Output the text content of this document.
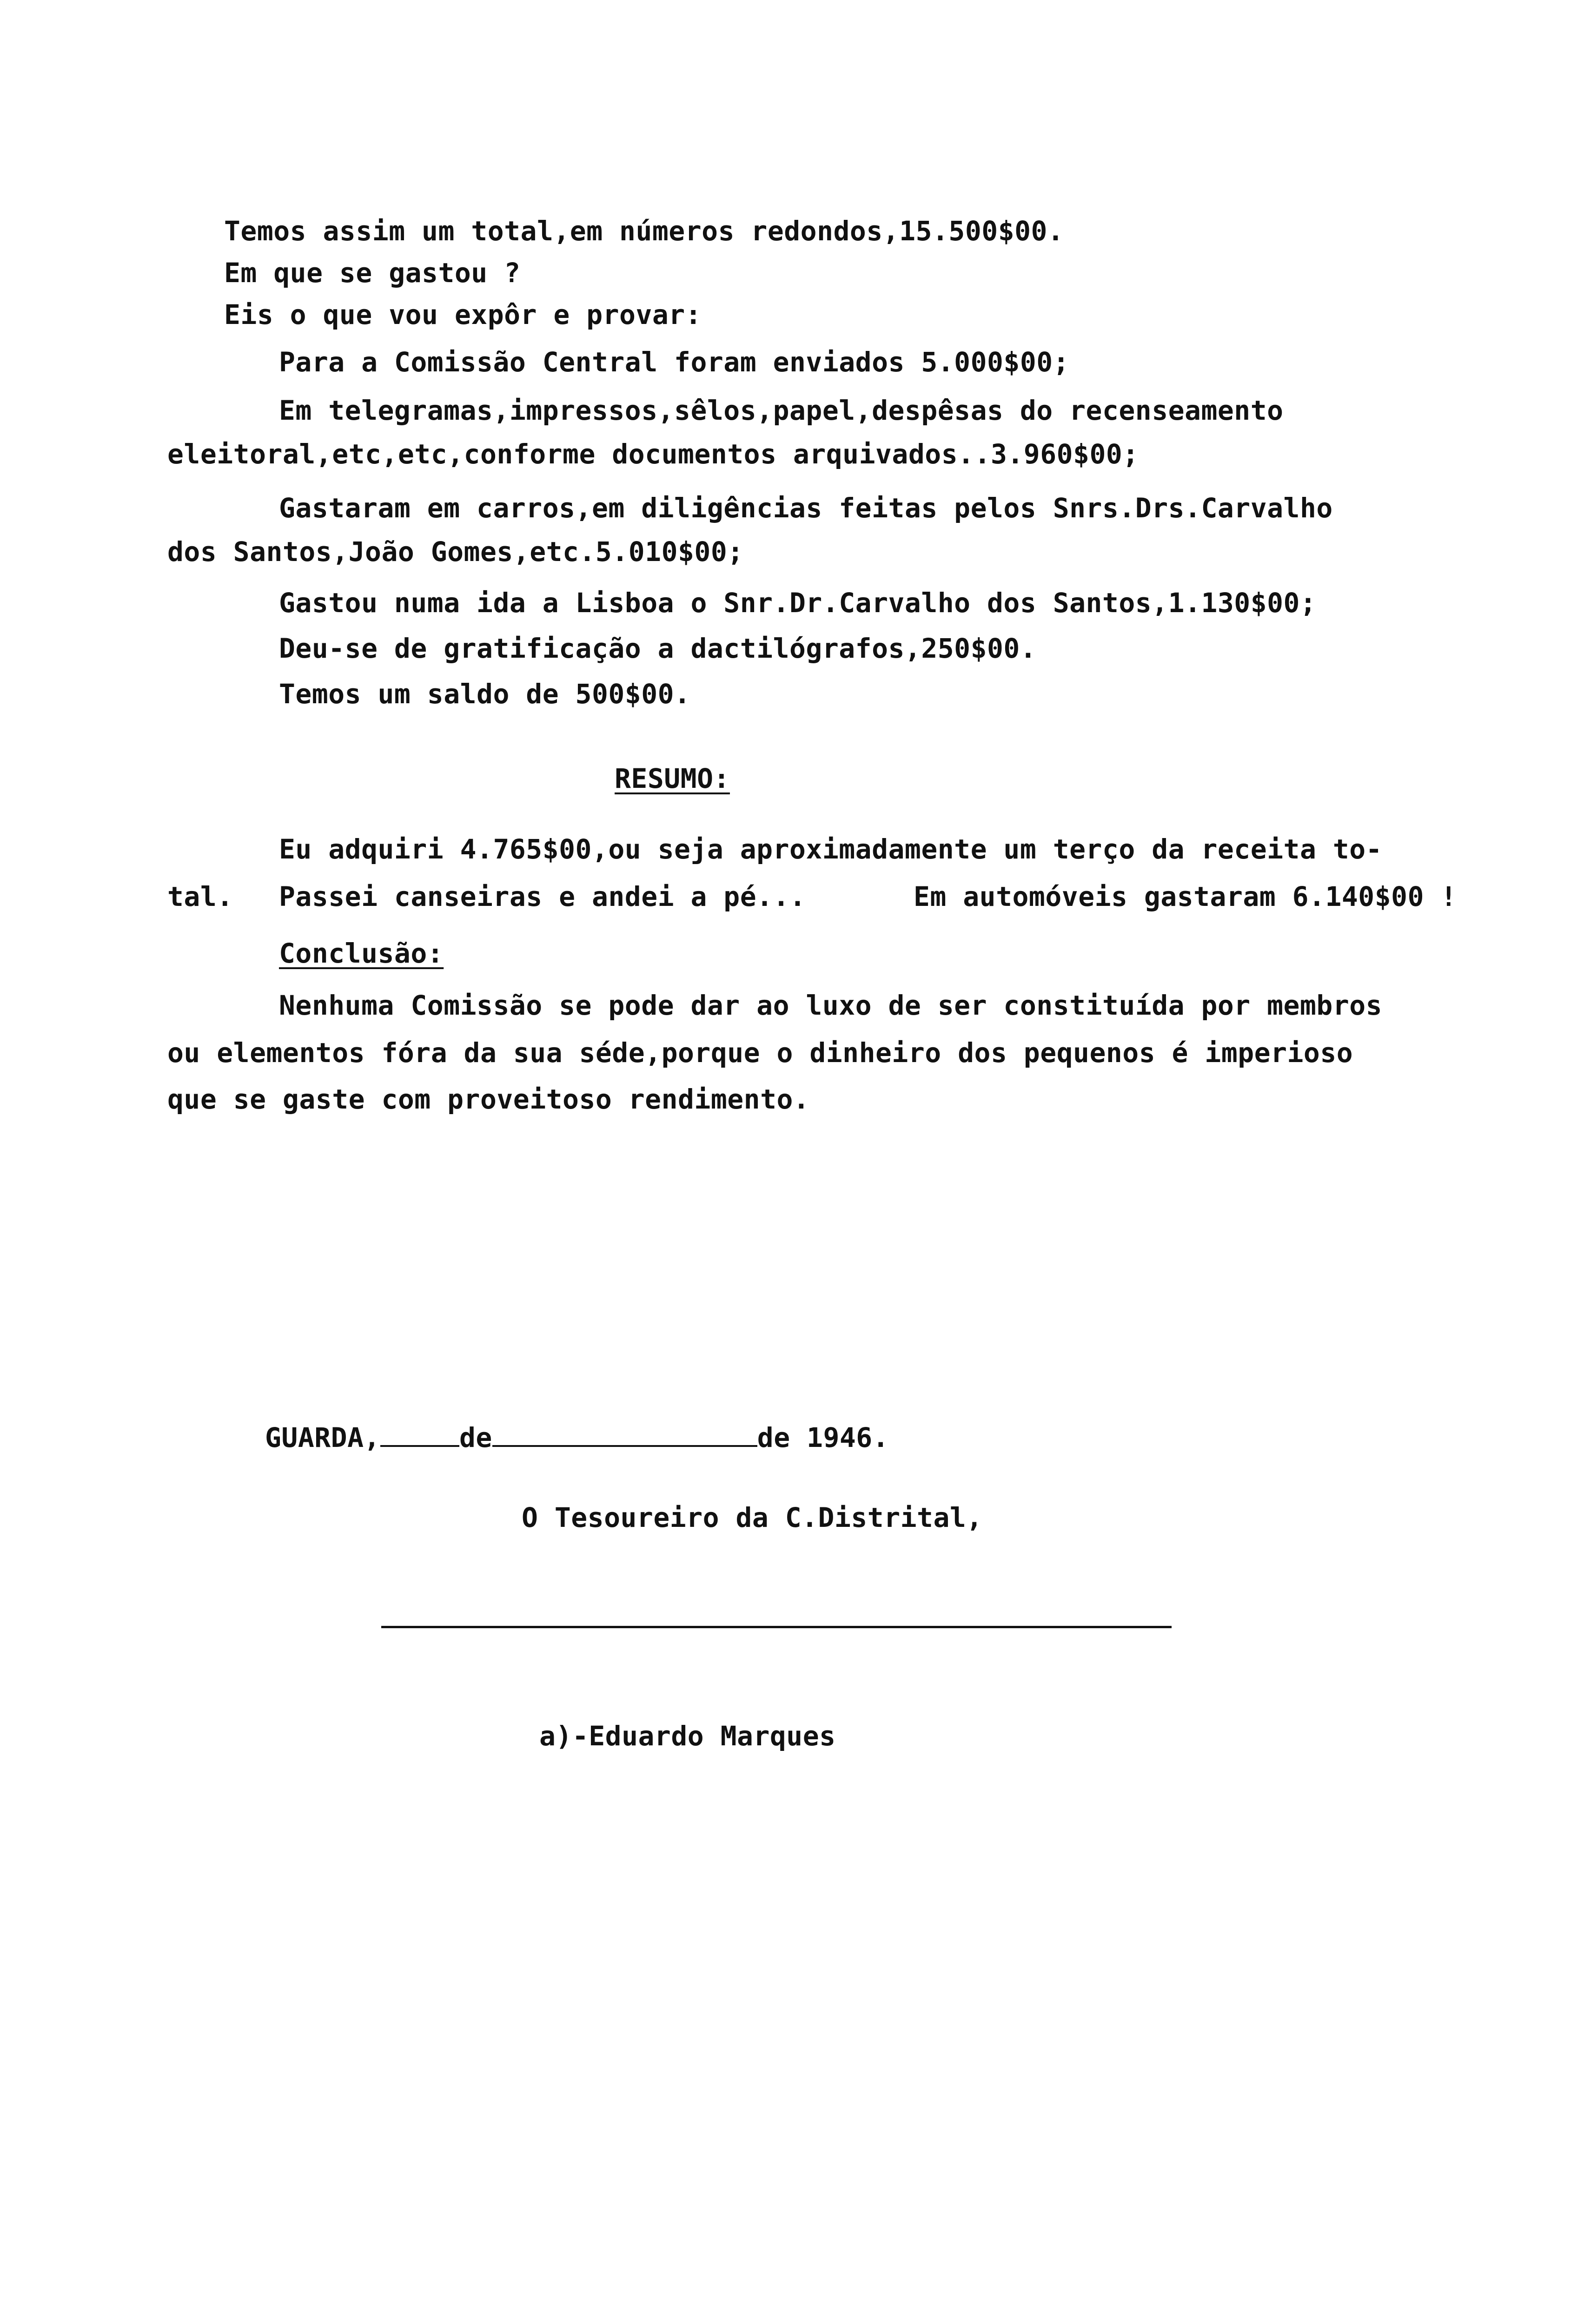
Temos assim um total,em números redondos,15.500$00.
Em que se gastou ?
Eis o que vou expôr e provar:
Para a Comissão Central foram enviados 5.000$00;
Em telegramas,impressos,sêlos,papel,despêsas do recenseamento
eleitoral,etc,etc,conforme documentos arquivados..3.960$00;
Gastaram em carros,em diligências feitas pelos Snrs.Drs.Carvalho
dos Santos,João Gomes,etc.5.010$00;
Gastou numa ida a Lisboa o Snr.Dr.Carvalho dos Santos,1.130$00;
Deu-se de gratificação a dactilógrafos,250$00.
Temos um saldo de 500$00.
RESUMO:
Eu adquiri 4.765$00,ou seja aproximadamente um terço da receita to-
tal. Passei canseiras e andei a pé...	Em automóveis gastaram 6.140$00 !
Conclusão:
Nenhuma Comissão se pode dar ao luxo de ser constituída por membros
ou elementos fóra da sua séde,porque o dinheiro dos pequenos é imperioso
que se gaste com proveitoso rendimento.
GUARDA,	de	de 1946.
O Tesoureiro da C.Distrital,
a)-Eduardo Marques
